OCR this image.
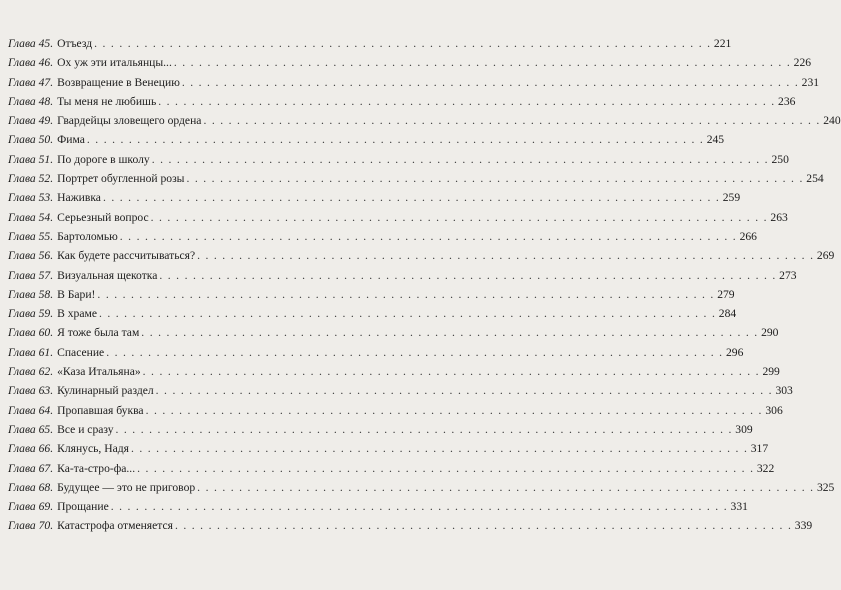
Глава 45. Отъезд . . .	221
Глава 46. Ох уж эти итальянцы... . . .	226
Глава 47. Возвращение в Венецию . . .	231
Глава 48. Ты меня не любишь . . .	236
Глава 49. Гвардейцы зловещего ордена . . .	240
Глава 50. Фима . . .	245
Глава 51. По дороге в школу . . .	250
Глава 52. Портрет обугленной розы . . .	254
Глава 53. Наживка . . .	259
Глава 54. Серьезный вопрос . . .	263
Глава 55. Бартоломью . . .	266
Глава 56. Как будете рассчитываться? . . .	269
Глава 57. Визуальная щекотка . . .	273
Глава 58. В Бари! . . .	279
Глава 59. В храме . . .	284
Глава 60. Я тоже была там . . .	290
Глава 61. Спасение . . .	296
Глава 62. «Каза Итальяна» . . .	299
Глава 63. Кулинарный раздел . . .	303
Глава 64. Пропавшая буква . . .	306
Глава 65. Все и сразу . . .	309
Глава 66. Клянусь, Надя . . .	317
Глава 67. Ка-та-стро-фа... . . .	322
Глава 68. Будущее — это не приговор . . .	325
Глава 69. Прощание . . .	331
Глава 70. Катастрофа отменяется . . .	339
